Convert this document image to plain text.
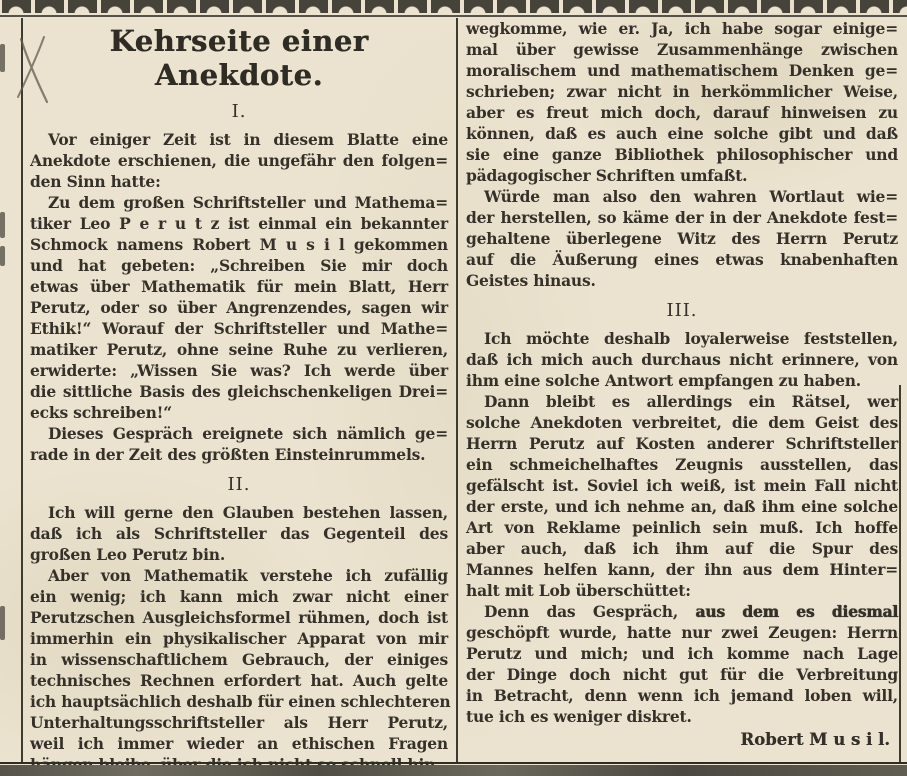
Kehrseite einer Anekdote.
I.
Vor einiger Zeit ist in diesem Blatte eine
Anekdote erschienen, die ungefähr den folgen=
den Sinn hatte:
Zu dem großen Schriftsteller und Mathema=
tiker Leo P e r u t z ist einmal ein bekannter
Schmock namens Robert M u s i l gekommen
und hat gebeten: „Schreiben Sie mir doch
etwas über Mathematik für mein Blatt, Herr
Perutz, oder so über Angrenzendes, sagen wir
Ethik!“ Worauf der Schriftsteller und Mathe=
matiker Perutz, ohne seine Ruhe zu verlieren,
erwiderte: „Wissen Sie was? Ich werde über
die sittliche Basis des gleichschenkeligen Drei=
ecks schreiben!“
Dieses Gespräch ereignete sich nämlich ge=
rade in der Zeit des größten Einsteinrummels.
II.
Ich will gerne den Glauben bestehen lassen,
daß ich als Schriftsteller das Gegenteil des
großen Leo Perutz bin.
Aber von Mathematik verstehe ich zufällig
ein wenig; ich kann mich zwar nicht einer
Perutzschen Ausgleichsformel rühmen, doch ist
immerhin ein physikalischer Apparat von mir
in wissenschaftlichem Gebrauch, der einiges
technisches Rechnen erfordert hat. Auch gelte
ich hauptsächlich deshalb für einen schlechteren
Unterhaltungsschriftsteller als Herr Perutz,
weil ich immer wieder an ethischen Fragen
wegkomme, wie er. Ja, ich habe sogar einige=
mal über gewisse Zusammenhänge zwischen
moralischem und mathematischem Denken ge=
schrieben; zwar nicht in herkömmlicher Weise,
aber es freut mich doch, darauf hinweisen zu
können, daß es auch eine solche gibt und daß
sie eine ganze Bibliothek philosophischer und
pädagogischer Schriften umfaßt.
Würde man also den wahren Wortlaut wie=
der herstellen, so käme der in der Anekdote fest=
gehaltene überlegene Witz des Herrn Perutz
auf die Äußerung eines etwas knabenhaften
Geistes hinaus.
III.
Ich möchte deshalb loyalerweise feststellen,
daß ich mich auch durchaus nicht erinnere, von
ihm eine solche Antwort empfangen zu haben.
Dann bleibt es allerdings ein Rätsel, wer
solche Anekdoten verbreitet, die dem Geist des
Herrn Perutz auf Kosten anderer Schriftsteller
ein schmeichelhaftes Zeugnis ausstellen, das
gefälscht ist. Soviel ich weiß, ist mein Fall nicht
der erste, und ich nehme an, daß ihm eine solche
Art von Reklame peinlich sein muß. Ich hoffe
aber auch, daß ich ihm auf die Spur des
Mannes helfen kann, der ihn aus dem Hinter=
halt mit Lob überschüttet:
Denn das Gespräch, aus dem es diesmal
geschöpft wurde, hatte nur zwei Zeugen: Herrn
Perutz und mich; und ich komme nach Lage
der Dinge doch nicht gut für die Verbreitung
in Betracht, denn wenn ich jemand loben will,
tue ich es weniger diskret.
Robert M u s i l.
